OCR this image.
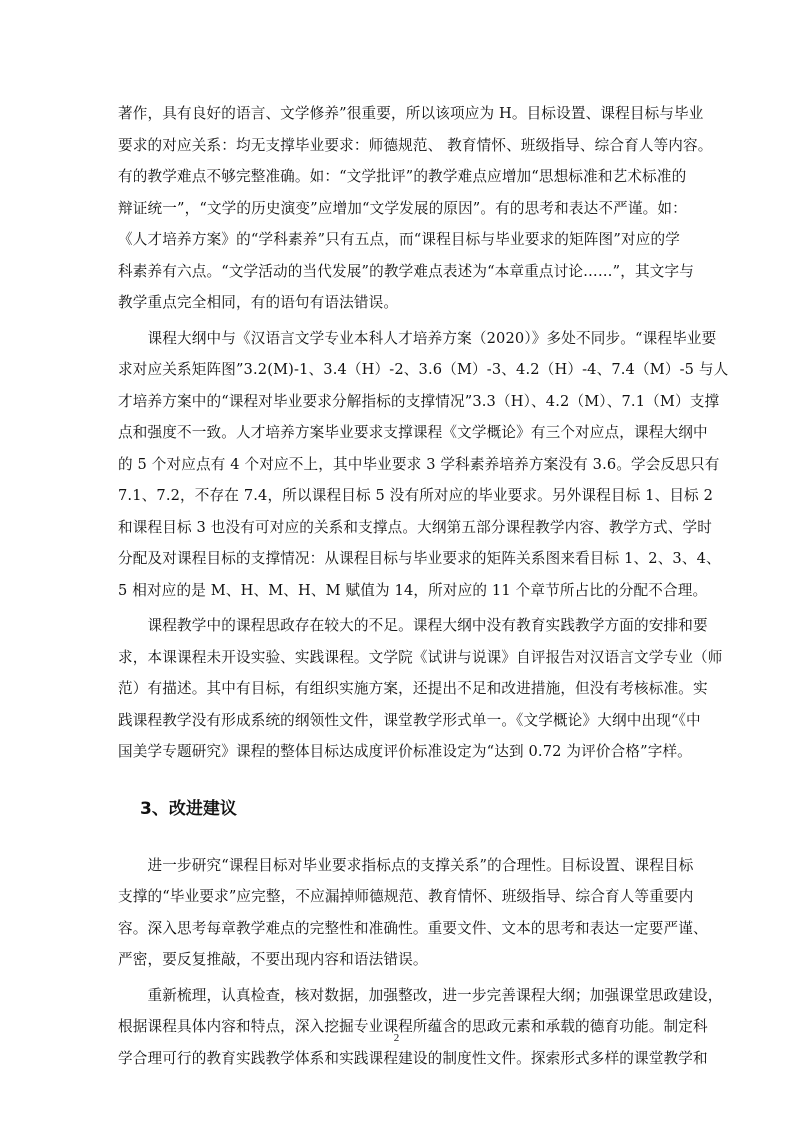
著作，具有良好的语言、文学修养”很重要，所以该项应为 H。目标设置、课程目标与毕业
要求的对应关系：均无支撑毕业要求：师德规范、 教育情怀、班级指导、综合育人等内容。
有的教学难点不够完整准确。如：“文学批评”的教学难点应增加“思想标准和艺术标准的
辩证统一”，“文学的历史演变”应增加“文学发展的原因”。有的思考和表达不严谨。如：
《人才培养方案》的“学科素养”只有五点，而“课程目标与毕业要求的矩阵图”对应的学
科素养有六点。“文学活动的当代发展”的教学难点表述为“本章重点讨论……”，其文字与
教学重点完全相同，有的语句有语法错误。

　　课程大纲中与《汉语言文学专业本科人才培养方案（2020）》多处不同步。“课程毕业要
求对应关系矩阵图”3.2(M)-1、3.4（H）-2、3.6（M）-3、4.2（H）-4、7.4（M）-5 与人
才培养方案中的“课程对毕业要求分解指标的支撑情况”3.3（H）、4.2（M）、7.1（M）支撑
点和强度不一致。人才培养方案毕业要求支撑课程《文学概论》有三个对应点，课程大纲中
的 5 个对应点有 4 个对应不上，其中毕业要求 3 学科素养培养方案没有 3.6。学会反思只有
7.1、7.2，不存在 7.4，所以课程目标 5 没有所对应的毕业要求。另外课程目标 1、目标 2
和课程目标 3 也没有可对应的关系和支撑点。大纲第五部分课程教学内容、教学方式、学时
分配及对课程目标的支撑情况：从课程目标与毕业要求的矩阵关系图来看目标 1、2、3、4、
5 相对应的是 M、H、M、H、M 赋值为 14，所对应的 11 个章节所占比的分配不合理。

　　课程教学中的课程思政存在较大的不足。课程大纲中没有教育实践教学方面的安排和要
求，本课课程未开设实验、实践课程。文学院《试讲与说课》自评报告对汉语言文学专业（师
范）有描述。其中有目标，有组织实施方案，还提出不足和改进措施，但没有考核标准。实
践课程教学没有形成系统的纲领性文件，课堂教学形式单一。《文学概论》大纲中出现“《中
国美学专题研究》课程的整体目标达成度评价标准设定为“达到 0.72 为评价合格”字样。

3、改进建议

　　进一步研究“课程目标对毕业要求指标点的支撑关系”的合理性。目标设置、课程目标
支撑的“毕业要求”应完整，不应漏掉师德规范、教育情怀、班级指导、综合育人等重要内
容。深入思考每章教学难点的完整性和准确性。重要文件、文本的思考和表达一定要严谨、
严密，要反复推敲，不要出现内容和语法错误。

　　重新梳理，认真检查，核对数据，加强整改，进一步完善课程大纲；加强课堂思政建设，
根据课程具体内容和特点，深入挖掘专业课程所蕴含的思政元素和承载的德育功能。制定科
学合理可行的教育实践教学体系和实践课程建设的制度性文件。探索形式多样的课堂教学和

2
